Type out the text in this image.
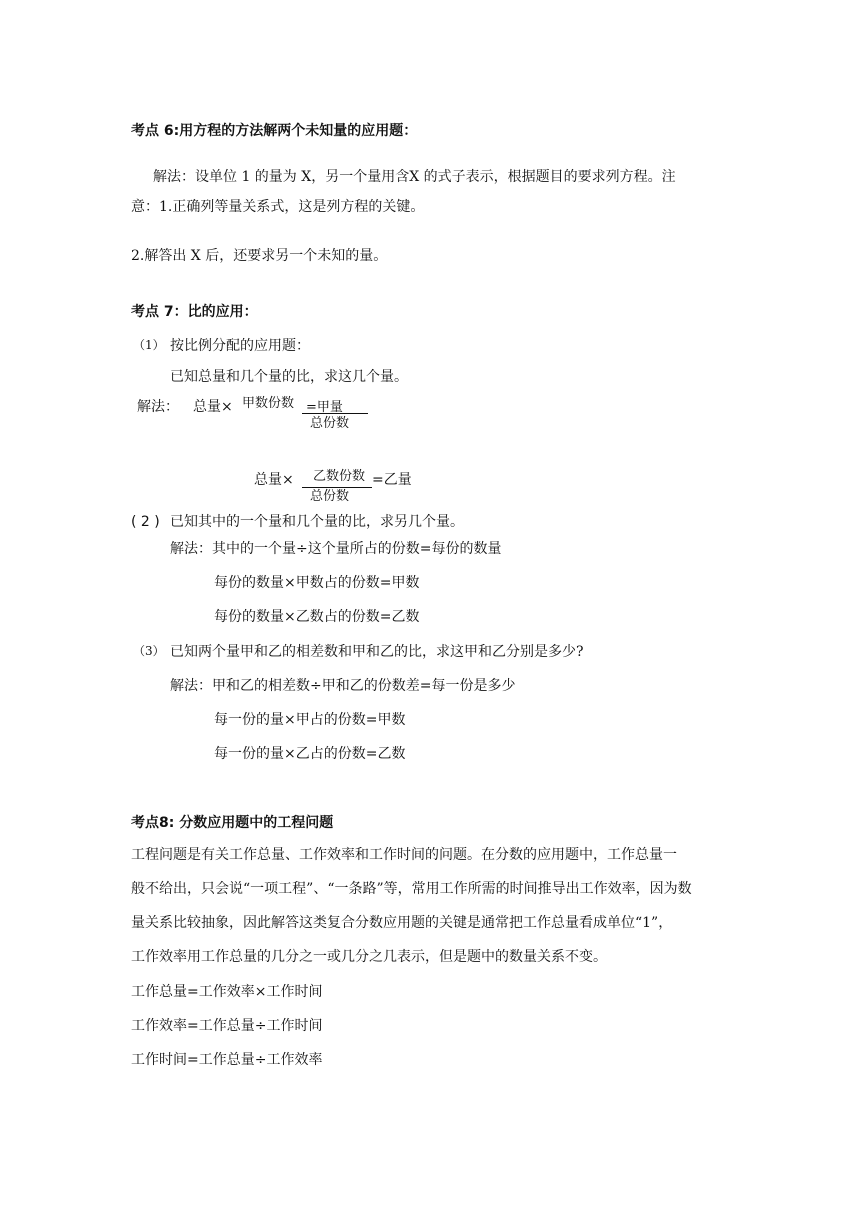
考点 6:用方程的方法解两个未知量的应用题：
解法：设单位 1 的量为 X，另一个量用含X 的式子表示，根据题目的要求列方程。注
意：1.正确列等量关系式，这是列方程的关键。
2.解答出 X 后，还要求另一个未知的量。
考点 7：比的应用：
（1） 按比例分配的应用题：
已知总量和几个量的比，求这几个量。
解法： 总量× 甲数份数 =甲量
总份数
总量× 乙数份数 =乙量
总份数
( 2 ) 已知其中的一个量和几个量的比，求另几个量。
解法：其中的一个量÷这个量所占的份数=每份的数量
每份的数量×甲数占的份数=甲数
每份的数量×乙数占的份数=乙数
（3） 已知两个量甲和乙的相差数和甲和乙的比，求这甲和乙分别是多少?
解法：甲和乙的相差数÷甲和乙的份数差=每一份是多少
每一份的量×甲占的份数=甲数
每一份的量×乙占的份数=乙数
考点8: 分数应用题中的工程问题
工程问题是有关工作总量、工作效率和工作时间的问题。在分数的应用题中，工作总量一
般不给出，只会说“一项工程”、“一条路”等，常用工作所需的时间推导出工作效率，因为数
量关系比较抽象，因此解答这类复合分数应用题的关键是通常把工作总量看成单位“1”，
工作效率用工作总量的几分之一或几分之几表示，但是题中的数量关系不变。
工作总量=工作效率×工作时间
工作效率=工作总量÷工作时间
工作时间=工作总量÷工作效率
